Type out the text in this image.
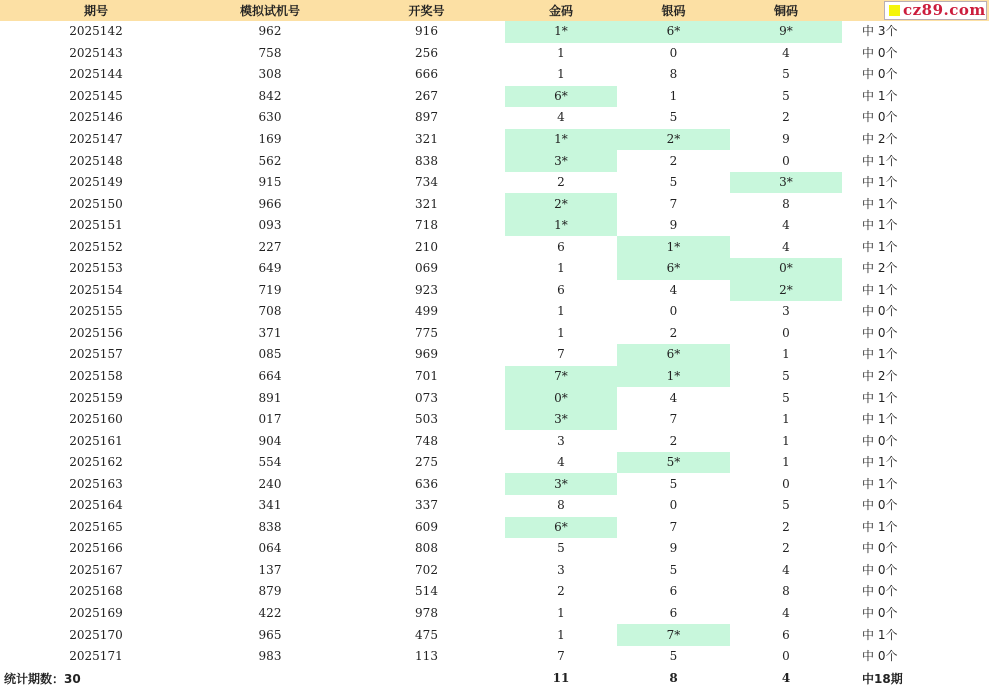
期号	模拟试机号	开奖号	金码	银码	铜码	cz89.com

2025142	962	916	1*	6*	9*	中 3个
2025143	758	256	1	0	4	中 0个
2025144	308	666	1	8	5	中 0个
2025145	842	267	6*	1	5	中 1个
2025146	630	897	4	5	2	中 0个
2025147	169	321	1*	2*	9	中 2个
2025148	562	838	3*	2	0	中 1个
2025149	915	734	2	5	3*	中 1个
2025150	966	321	2*	7	8	中 1个
2025151	093	718	1*	9	4	中 1个
2025152	227	210	6	1*	4	中 1个
2025153	649	069	1	6*	0*	中 2个
2025154	719	923	6	4	2*	中 1个
2025155	708	499	1	0	3	中 0个
2025156	371	775	1	2	0	中 0个
2025157	085	969	7	6*	1	中 1个
2025158	664	701	7*	1*	5	中 2个
2025159	891	073	0*	4	5	中 1个
2025160	017	503	3*	7	1	中 1个
2025161	904	748	3	2	1	中 0个
2025162	554	275	4	5*	1	中 1个
2025163	240	636	3*	5	0	中 1个
2025164	341	337	8	0	5	中 0个
2025165	838	609	6*	7	2	中 1个
2025166	064	808	5	9	2	中 0个
2025167	137	702	3	5	4	中 0个
2025168	879	514	2	6	8	中 0个
2025169	422	978	1	6	4	中 0个
2025170	965	475	1	7*	6	中 1个
2025171	983	113	7	5	0	中 0个
统计期数：30			11	8	4	中18期
